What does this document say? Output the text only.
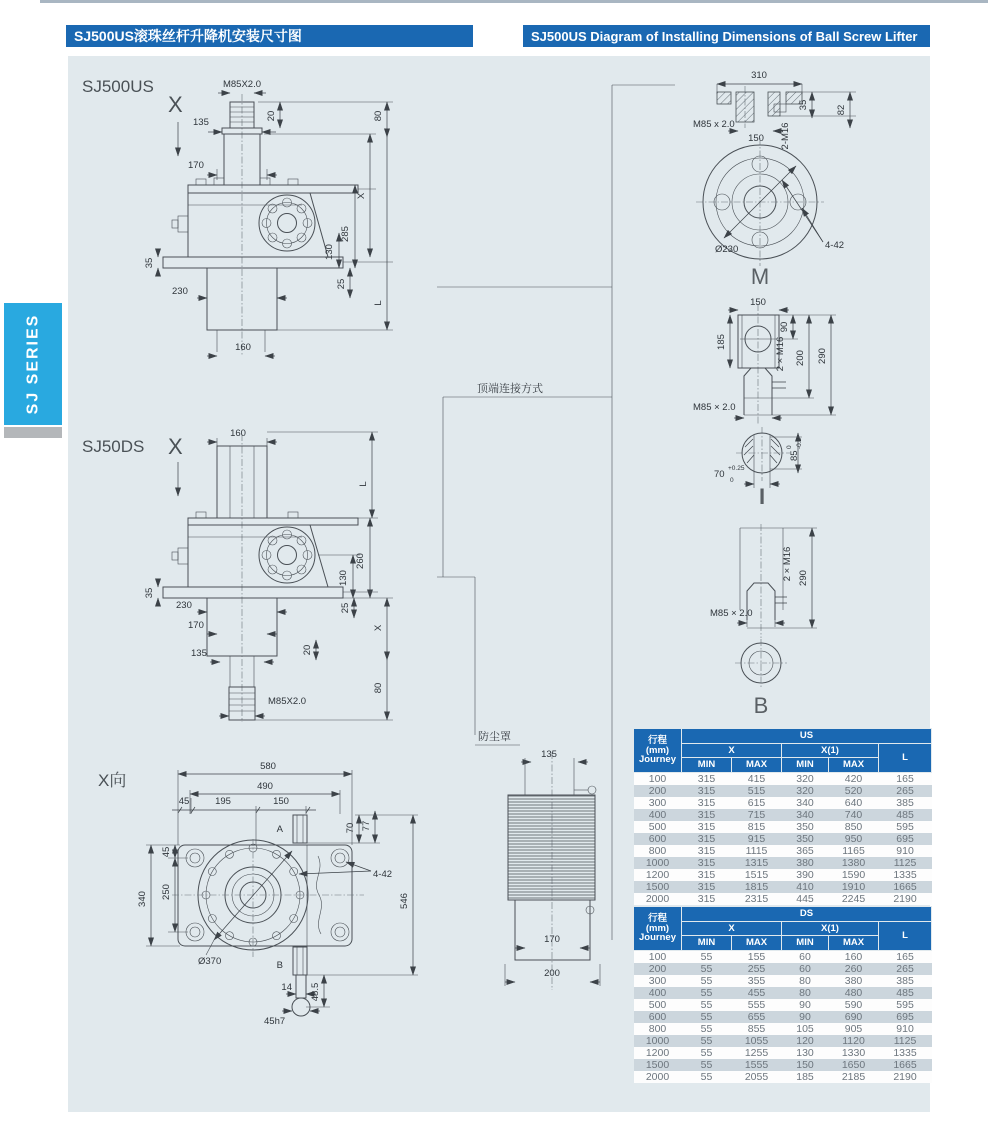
SJ500US滚珠丝杆升降机安装尺寸图	SJ500US Diagram of Installing Dimensions of Ball Screw Lifter
SJ SERIES	顶端连接方式
防尘罩
SJ500US
X
M85X2.0
135
170
20
35
230
25
160
130
285
X
80
L
SJ50DS X
160
L
35
260
130
230	25
170
20
135
M85X2.0
X
80
X向
580
490
45	195	150
A
B
70 77
4-42
546
340 250
45
Ø370
14 48.5
45h7
135
170
200
310
M85 x 2.0
150 2-M16
35	82
Ø230	4-42
M
150
185
90
2 × M16 200 290
M85 × 2.0
70
+0.25
0
85
0 -0.2
I
2 × M16 290
M85 × 2.0
B
行程
(mm)
Journey	US				
	X		X(1)		L
	MIN	MAX	MIN	MAX	
100	315	415	320	420	165
200	315	515	320	520	265
300	315	615	340	640	385
400	315	715	340	740	485
500	315	815	350	850	595
600	315	915	350	950	695
800	315	1115	365	1165	910
1000	315	1315	380	1380	1125
1200	315	1515	390	1590	1335
1500	315	1815	410	1910	1665
2000	315	2315	445	2245	2190
行程
(mm)
Journey	DS				
	X		X(1)		L
	MIN	MAX	MIN	MAX	
100	55	155	60	160	165
200	55	255	60	260	265
300	55	355	80	380	385
400	55	455	80	480	485
500	55	555	90	590	595
600	55	655	90	690	695
800	55	855	105	905	910
1000	55	1055	120	1120	1125
1200	55	1255	130	1330	1335
1500	55	1555	150	1650	1665
2000	55	2055	185	2185	2190
